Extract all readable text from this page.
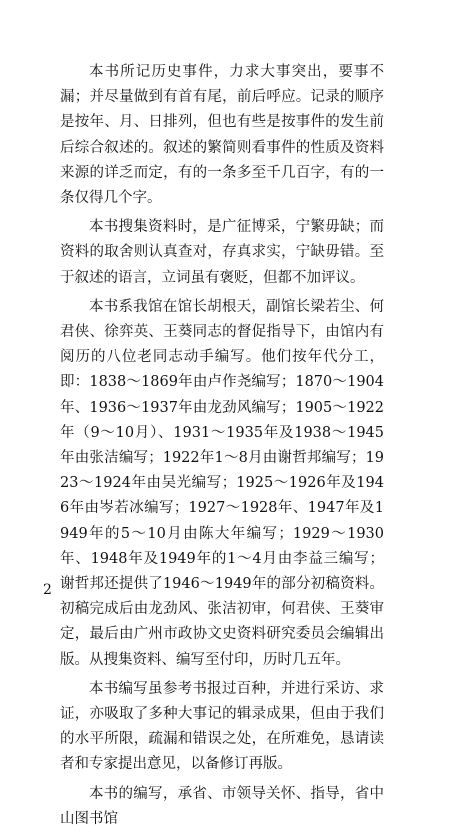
本书所记历史事件，力求大事突出，要事不漏；并尽量做到有首有尾，前后呼应。记录的顺序是按年、月、日排列，但也有些是按事件的发生前后综合叙述的。叙述的繁简则看事件的性质及资料来源的详乏而定，有的一条多至千几百字，有的一条仅得几个字。

本书搜集资料时，是广征博采，宁繁毋缺；而资料的取舍则认真查对，存真求实，宁缺毋错。至于叙述的语言，立词虽有褒贬，但都不加评议。

本书系我馆在馆长胡根天，副馆长梁若尘、何君侠、徐弈英、王葵同志的督促指导下，由馆内有阅历的八位老同志动手编写。他们按年代分工，即：1838～1869年由卢作尧编写；1870～1904年、1936～1937年由龙劲风编写；1905～1922年（9～10月）、1931～1935年及1938～1945年由张洁编写；1922年1～8月由谢哲邦编写；1923～1924年由吴光编写；1925～1926年及1946年由岑若冰编写；1927～1928年、1947年及1949年的5～10月由陈大年编写；1929～1930年、1948年及1949年的1～4月由李益三编写；谢哲邦还提供了1946～1949年的部分初稿资料。初稿完成后由龙劲风、张洁初审，何君侠、王葵审定，最后由广州市政协文史资料研究委员会编辑出版。从搜集资料、编写至付印，历时几五年。

本书编写虽参考书报过百种，并进行采访、求证，亦吸取了多种大事记的辑录成果，但由于我们的水平所限，疏漏和错误之处，在所难免，恳请读者和专家提出意见，以备修订再版。

本书的编写，承省、市领导关怀、指导，省中山图书馆

2
